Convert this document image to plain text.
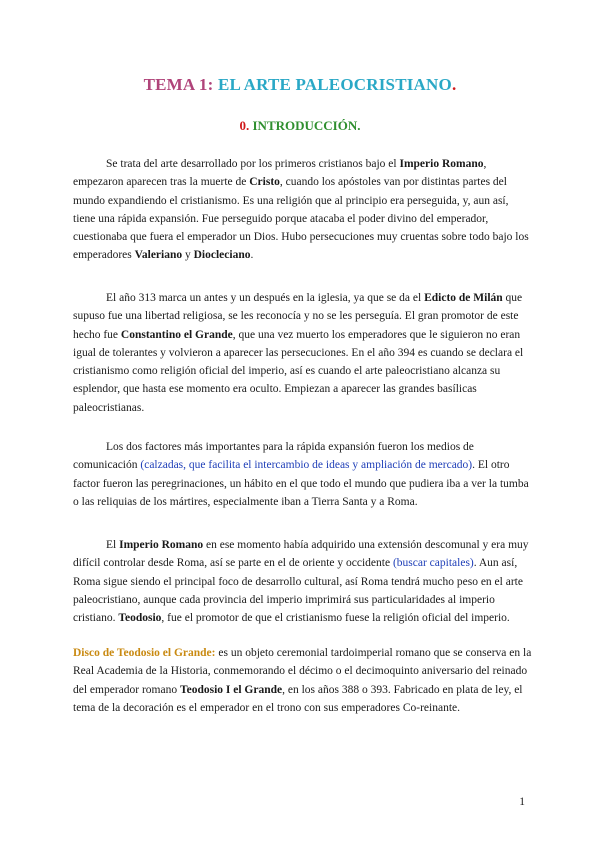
TEMA 1: EL ARTE PALEOCRISTIANO.
0. INTRODUCCIÓN.

Se trata del arte desarrollado por los primeros cristianos bajo el Imperio Romano, empezaron aparecen tras la muerte de Cristo, cuando los apóstoles van por distintas partes del mundo expandiendo el cristianismo. Es una religión que al principio era perseguida, y, aun así, tiene una rápida expansión. Fue perseguido porque atacaba el poder divino del emperador, cuestionaba que fuera el emperador un Dios. Hubo persecuciones muy cruentas sobre todo bajo los emperadores Valeriano y Diocleciano.

El año 313 marca un antes y un después en la iglesia, ya que se da el Edicto de Milán que supuso fue una libertad religiosa, se les reconocía y no se les perseguía. El gran promotor de este hecho fue Constantino el Grande, que una vez muerto los emperadores que le siguieron no eran igual de tolerantes y volvieron a aparecer las persecuciones. En el año 394 es cuando se declara el cristianismo como religión oficial del imperio, así es cuando el arte paleocristiano alcanza su esplendor, que hasta ese momento era oculto. Empiezan a aparecer las grandes basílicas paleocristianas.

Los dos factores más importantes para la rápida expansión fueron los medios de comunicación (calzadas, que facilita el intercambio de ideas y ampliación de mercado). El otro factor fueron las peregrinaciones, un hábito en el que todo el mundo que pudiera iba a ver la tumba o las reliquias de los mártires, especialmente iban a Tierra Santa y a Roma.

El Imperio Romano en ese momento había adquirido una extensión descomunal y era muy difícil controlar desde Roma, así se parte en el de oriente y occidente (buscar capitales). Aun así, Roma sigue siendo el principal foco de desarrollo cultural, así Roma tendrá mucho peso en el arte paleocristiano, aunque cada provincia del imperio imprimirá sus particularidades al imperio cristiano. Teodosio, fue el promotor de que el cristianismo fuese la religión oficial del imperio.

Disco de Teodosio el Grande: es un objeto ceremonial tardoimperial romano que se conserva en la Real Academia de la Historia, conmemorando el décimo o el decimoquinto aniversario del reinado del emperador romano Teodosio I el Grande, en los años 388 o 393. Fabricado en plata de ley, el tema de la decoración es el emperador en el trono con sus emperadores Co-reinante.

1
